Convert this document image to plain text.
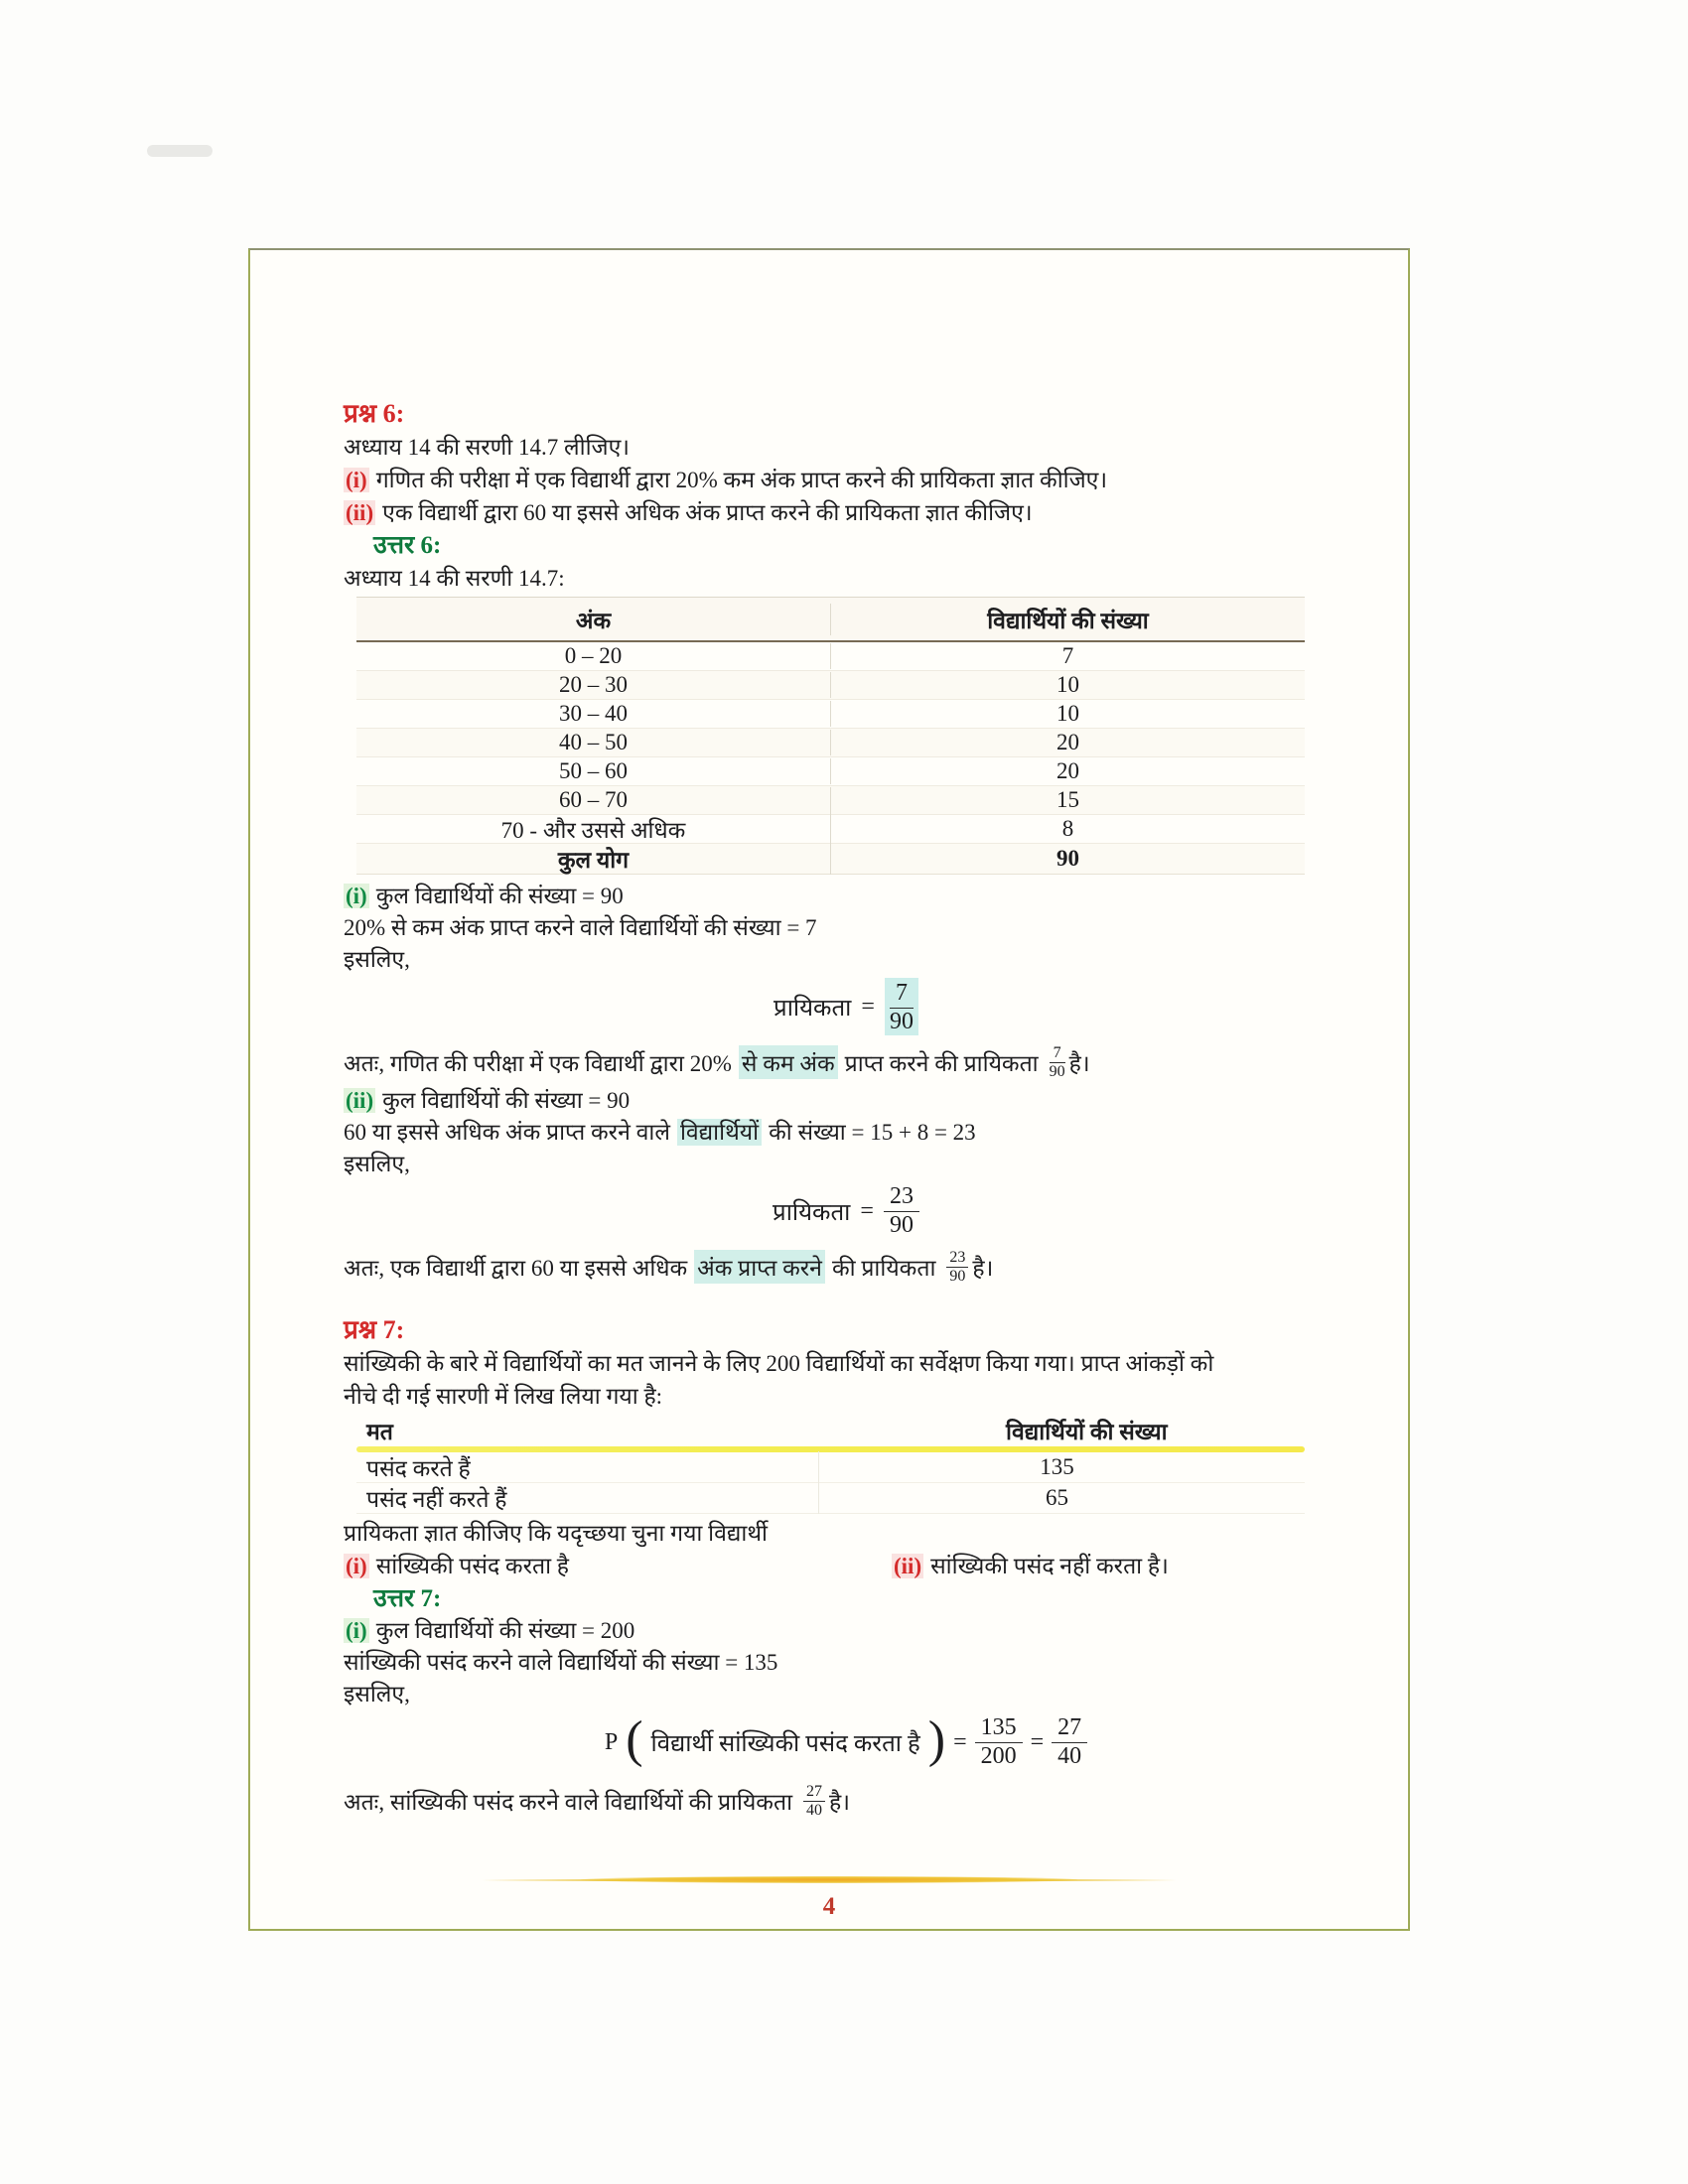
प्रश्न 6:

अध्याय 14 की सरणी 14.7 लीजिए।

(i) गणित की परीक्षा में एक विद्यार्थी द्वारा 20% कम अंक प्राप्त करने की प्रायिकता ज्ञात कीजिए।

(ii) एक विद्यार्थी द्वारा 60 या इससे अधिक अंक प्राप्त करने की प्रायिकता ज्ञात कीजिए।

उत्तर 6:

अध्याय 14 की सरणी 14.7:

अंक	विद्यार्थियों की संख्या
0 – 20	7
20 – 30	10
30 – 40	10
40 – 50	20
50 – 60	20
60 – 70	15
70 - और उससे अधिक	8
कुल योग	90

(i) कुल विद्यार्थियों की संख्या = 90

20% से कम अंक प्राप्त करने वाले विद्यार्थियों की संख्या = 7

इसलिए,

प्रायिकता = $\frac{7}{90}$
अतः, गणित की परीक्षा में एक विद्यार्थी द्वारा 20% से कम अंक प्राप्त करने की प्रायिकता 7
90 है।

(ii) कुल विद्यार्थियों की संख्या = 90

60 या इससे अधिक अंक प्राप्त करने वाले विद्यार्थियों की संख्या = 15 + 8 = 23

इसलिए,

प्रायिकता = $\frac{23}{90}$
अतः, एक विद्यार्थी द्वारा 60 या इससे अधिक अंक प्राप्त करने की प्रायिकता 23
90 है।

प्रश्न 7:

सांख्यिकी के बारे में विद्यार्थियों का मत जानने के लिए 200 विद्यार्थियों का सर्वेक्षण किया गया। प्राप्त आंकड़ों को

नीचे दी गई सारणी में लिख लिया गया है:

मत	विद्यार्थियों की संख्या
पसंद करते हैं	135
पसंद नहीं करते हैं	65

प्रायिकता ज्ञात कीजिए कि यदृच्छया चुना गया विद्यार्थी

(i) सांख्यिकी पसंद करता है	(ii) सांख्यिकी पसंद नहीं करता है।

उत्तर 7:

(i) कुल विद्यार्थियों की संख्या = 200

सांख्यिकी पसंद करने वाले विद्यार्थियों की संख्या = 135

इसलिए,

P ( विद्यार्थी सांख्यिकी पसंद करता है ) = $\frac{135}{200} = \frac{27}{40}$
अतः, सांख्यिकी पसंद करने वाले विद्यार्थियों की प्रायिकता 27
40 है।

4
